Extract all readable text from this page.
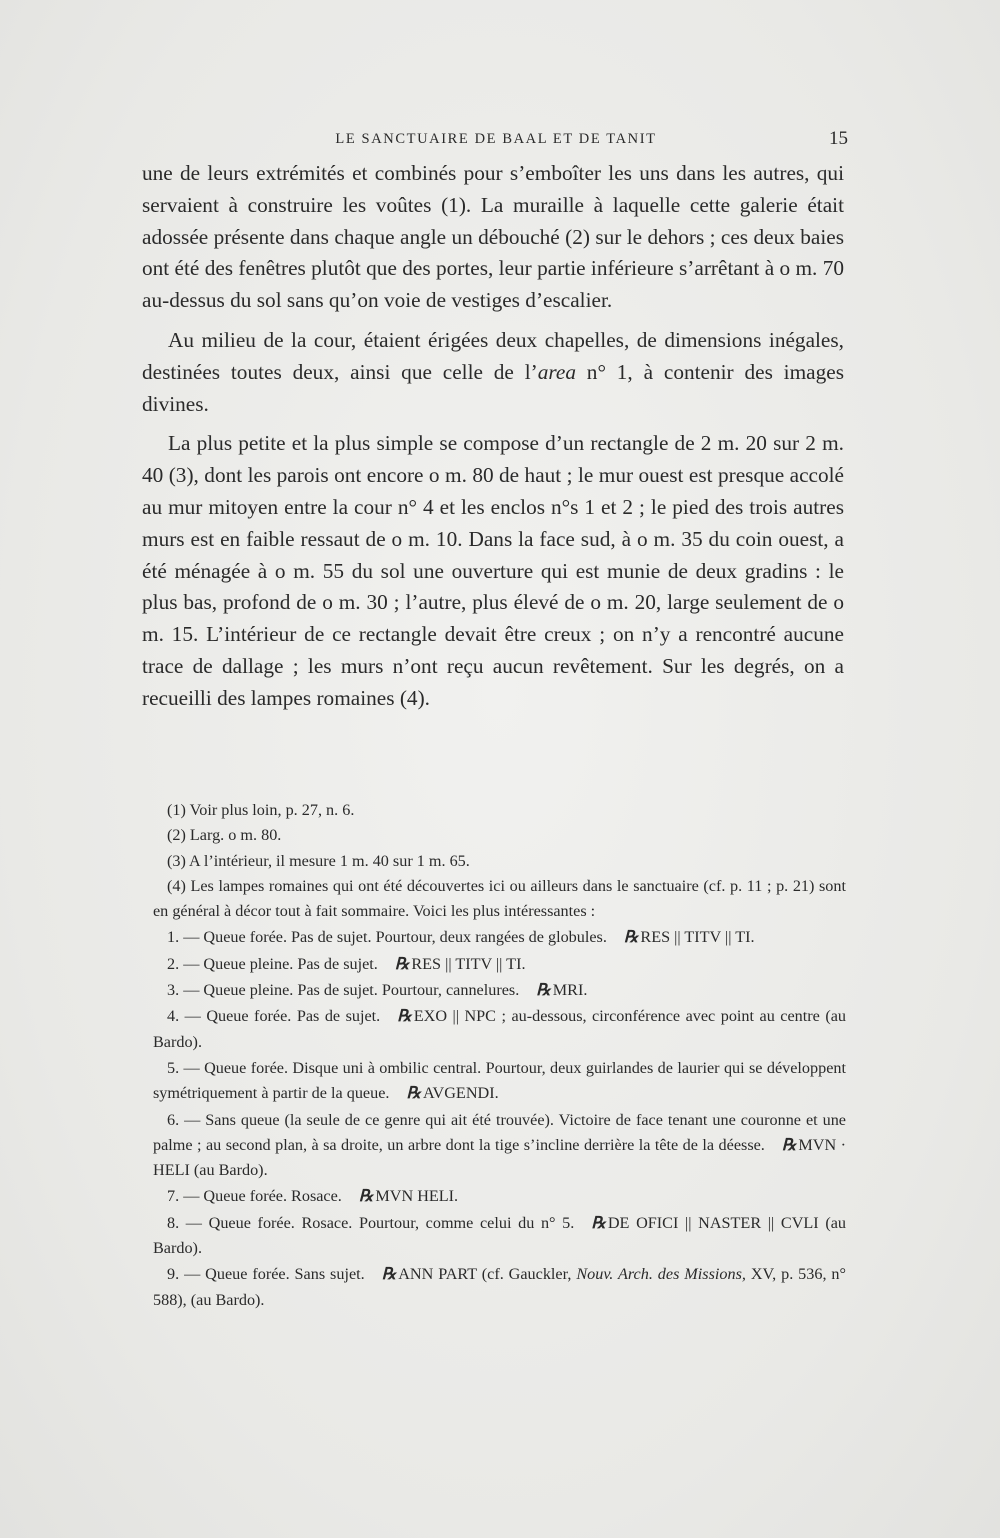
LE SANCTUAIRE DE BAAL ET DE TANIT	15

une de leurs extrémités et combinés pour s’emboîter les uns dans les autres, qui servaient à construire les voûtes (1). La muraille à laquelle cette galerie était adossée présente dans chaque angle un débouché (2) sur le dehors ; ces deux baies ont été des fenêtres plutôt que des portes, leur partie inférieure s’arrêtant à o m. 70 au-dessus du sol sans qu’on voie de vestiges d’escalier.

Au milieu de la cour, étaient érigées deux chapelles, de dimensions inégales, destinées toutes deux, ainsi que celle de l’area n° 1, à contenir des images divines.

La plus petite et la plus simple se compose d’un rectangle de 2 m. 20 sur 2 m. 40 (3), dont les parois ont encore o m. 80 de haut ; le mur ouest est presque accolé au mur mitoyen entre la cour n° 4 et les enclos n°s 1 et 2 ; le pied des trois autres murs est en faible ressaut de o m. 10. Dans la face sud, à o m. 35 du coin ouest, a été ménagée à o m. 55 du sol une ouverture qui est munie de deux gradins : le plus bas, profond de o m. 30 ; l’autre, plus élevé de o m. 20, large seulement de o m. 15. L’intérieur de ce rectangle devait être creux ; on n’y a rencontré aucune trace de dallage ; les murs n’ont reçu aucun revêtement. Sur les degrés, on a recueilli des lampes romaines (4).

(1) Voir plus loin, p. 27, n. 6.

(2) Larg. o m. 80.

(3) A l’intérieur, il mesure 1 m. 40 sur 1 m. 65.

(4) Les lampes romaines qui ont été découvertes ici ou ailleurs dans le sanctuaire (cf. p. 11 ; p. 21) sont en général à décor tout à fait sommaire. Voici les plus intéressantes :

1. — Queue forée. Pas de sujet. Pourtour, deux rangées de globules. ℞ RES || TITV || TI.

2. — Queue pleine. Pas de sujet. ℞ RES || TITV || TI.

3. — Queue pleine. Pas de sujet. Pourtour, cannelures. ℞ MRI.

4. — Queue forée. Pas de sujet. ℞ EXO || NPC ; au-dessous, circonférence avec point au centre (au Bardo).

5. — Queue forée. Disque uni à ombilic central. Pourtour, deux guirlandes de laurier qui se développent symétriquement à partir de la queue. ℞ AVGENDI.

6. — Sans queue (la seule de ce genre qui ait été trouvée). Victoire de face tenant une couronne et une palme ; au second plan, à sa droite, un arbre dont la tige s’incline derrière la tête de la déesse. ℞ MVN · HELI (au Bardo).

7. — Queue forée. Rosace. ℞ MVN HELI.

8. — Queue forée. Rosace. Pourtour, comme celui du n° 5. ℞ DE OFICI || NASTER || CVLI (au Bardo).

9. — Queue forée. Sans sujet. ℞ ANN PART (cf. Gauckler, Nouv. Arch. des Missions, XV, p. 536, n° 588), (au Bardo).
